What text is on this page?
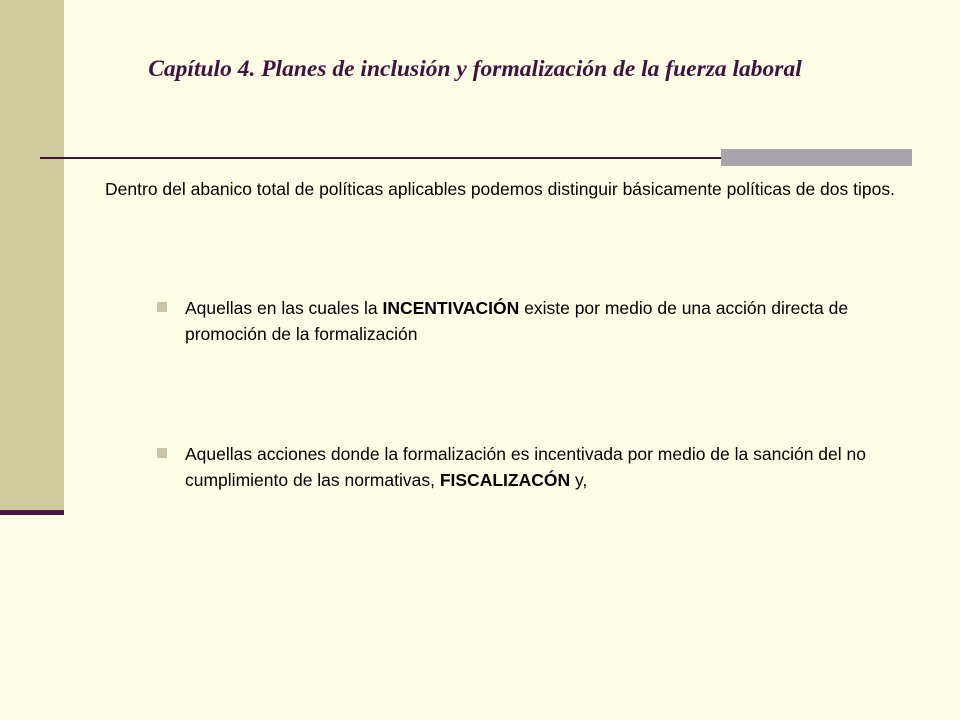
Capítulo 4. Planes de inclusión y formalización de la fuerza laboral
Dentro del abanico total de políticas aplicables podemos distinguir básicamente políticas de dos tipos.
Aquellas en las cuales la INCENTIVACIÓN existe por medio de una acción directa de promoción de la formalización
Aquellas acciones donde la formalización es incentivada por medio de la sanción del no cumplimiento de las normativas, FISCALIZACÓN y,
